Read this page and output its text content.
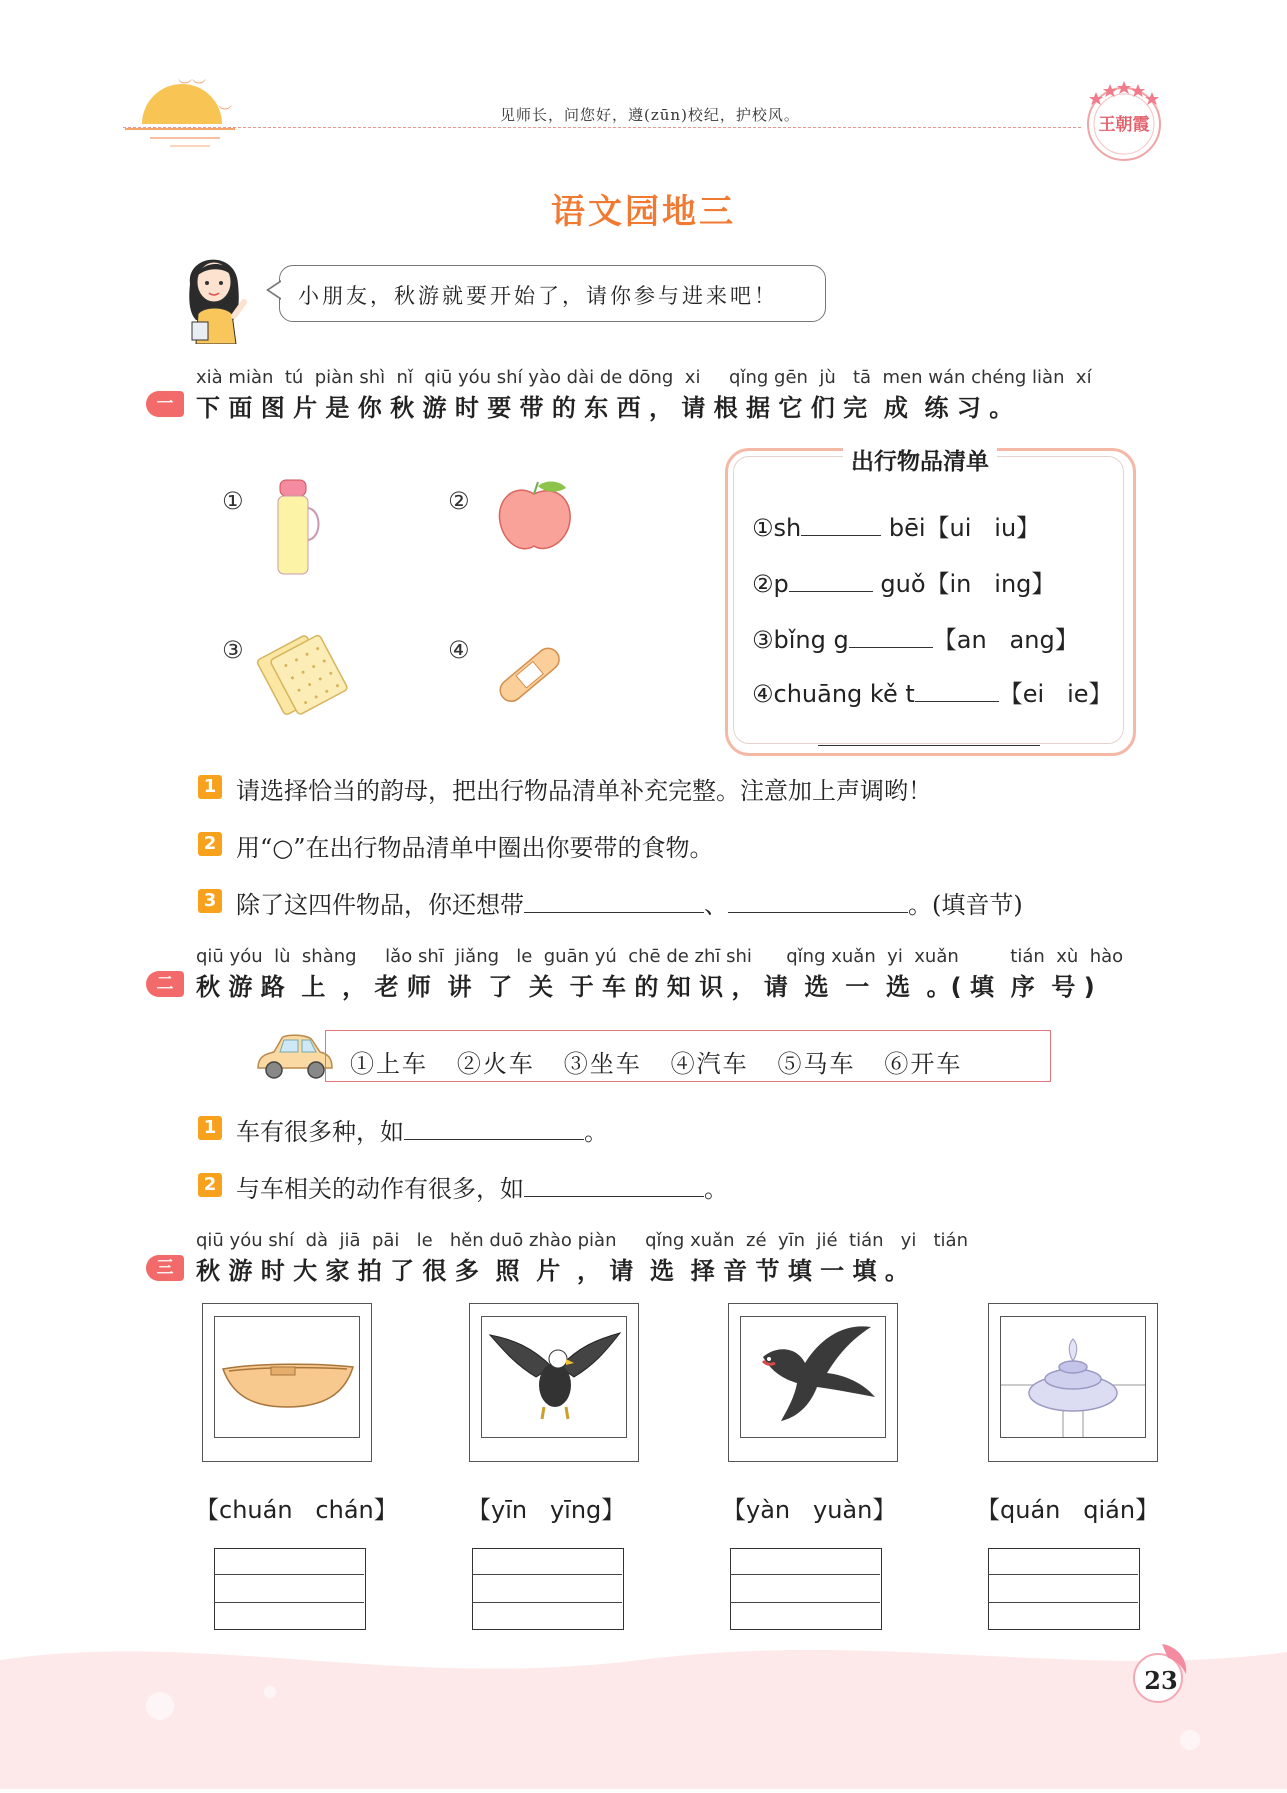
︶︶
︶	见师长，问您好，遵(zūn)校纪，护校风。	王朝霞
语文园地三
小朋友，秋游就要开始了，请你参与进来吧！
xià miàn  tú  piàn shì  nǐ  qiū yóu shí yào dài de dōng  xi     qǐng gēn  jù   tā  men wán chéng liàn  xí
一 下 面 图 片 是 你 秋 游 时 要 带 的 东 西 ， 请 根 据 它 们 完  成  练 习 。
①	②
③	④
出行物品清单
①sh	bēi【ui   iu】
②p	guǒ【in   ing】
③bǐng g	【an   ang】
④chuāng kě t	【ei   ie】
1 请选择恰当的韵母，把出行物品清单补充完整。注意加上声调哟！
2 用“○”在出行物品清单中圈出你要带的食物。
3 除了这四件物品，你还想带	、	。(填音节)
qiū yóu  lù  shàng     lǎo shī  jiǎng   le  guān yú  chē de zhī shi      qǐng xuǎn  yi  xuǎn         tián  xù  hào
二 秋 游 路  上  ， 老 师  讲  了  关  于 车 的 知 识 ， 请  选  一  选  。( 填  序  号 )
①上车   ②火车   ③坐车   ④汽车   ⑤马车   ⑥开车
1 车有很多种，如	。
2 与车相关的动作有很多，如	。
qiū yóu shí  dà  jiā  pāi   le   hěn duō zhào piàn     qǐng xuǎn  zé  yīn  jié  tián   yi   tián
三 秋 游 时 大 家 拍 了 很 多  照  片  ， 请  选  择 音 节 填 一 填 。
【chuán   chán】	【yīn   yīng】	【yàn   yuàn】	【quán   qián】
23
